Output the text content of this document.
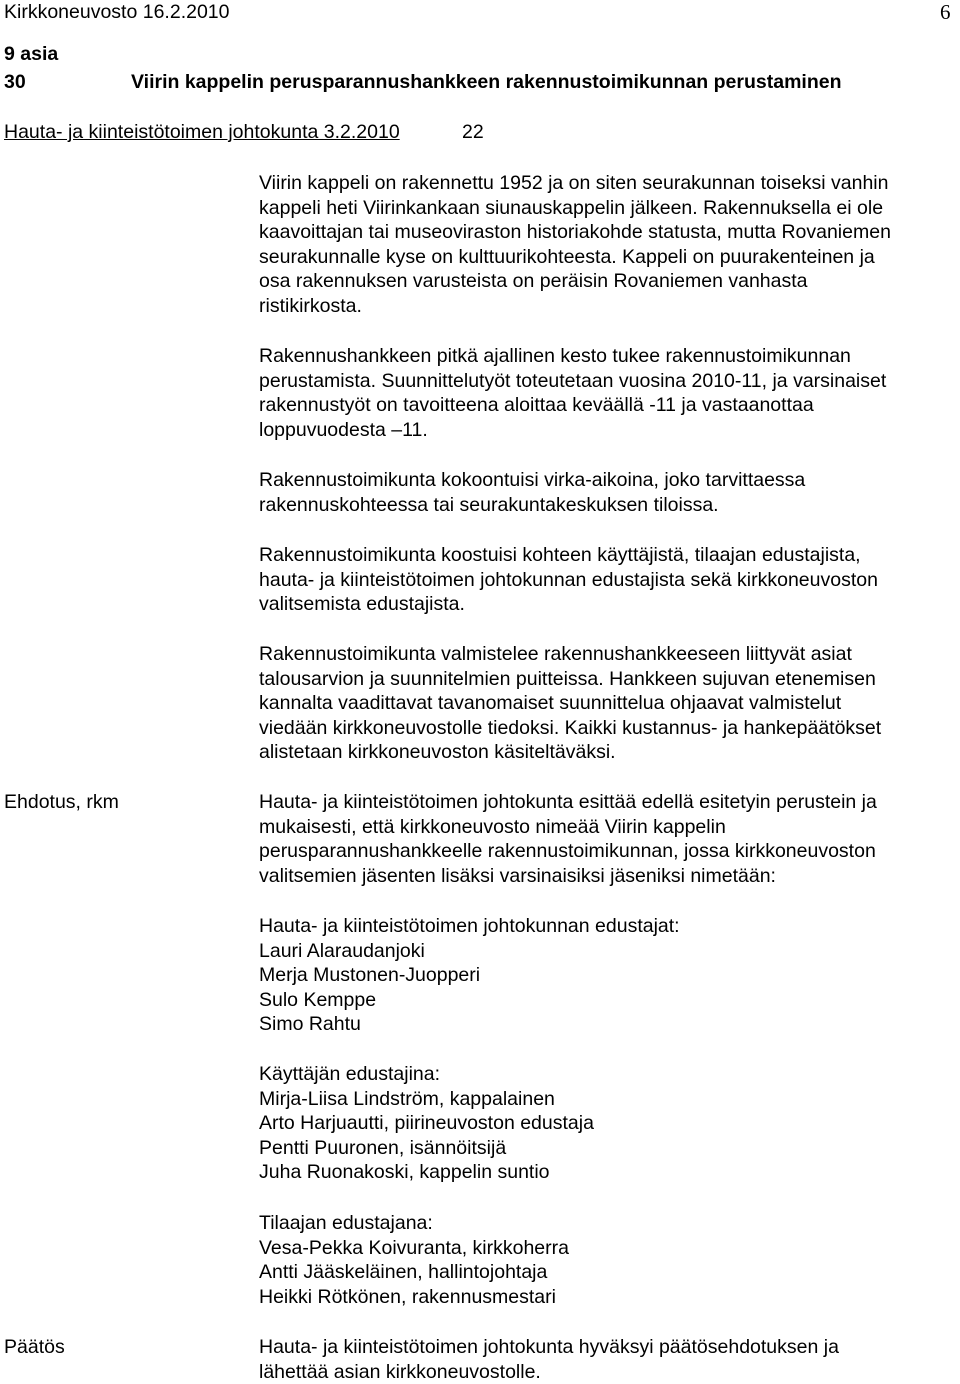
Kirkkoneuvosto 16.2.2010	6
9 asia
30	Viirin kappelin perusparannushankkeen rakennustoimikunnan perustaminen
Hauta- ja kiinteistötoimen johtokunta 3.2.2010	22
Viirin kappeli on rakennettu 1952 ja on siten seurakunnan toiseksi vanhin
kappeli heti Viirinkankaan siunauskappelin jälkeen. Rakennuksella ei ole
kaavoittajan tai museoviraston historiakohde statusta, mutta Rovaniemen
seurakunnalle kyse on kulttuurikohteesta. Kappeli on puurakenteinen ja
osa rakennuksen varusteista on peräisin Rovaniemen vanhasta
ristikirkosta.
Rakennushankkeen pitkä ajallinen kesto tukee rakennustoimikunnan
perustamista. Suunnittelutyöt toteutetaan vuosina 2010-11, ja varsinaiset
rakennustyöt on tavoitteena aloittaa keväällä -11 ja vastaanottaa
loppuvuodesta –11.
Rakennustoimikunta kokoontuisi virka-aikoina, joko tarvittaessa
rakennuskohteessa tai seurakuntakeskuksen tiloissa.
Rakennustoimikunta koostuisi kohteen käyttäjistä, tilaajan edustajista,
hauta- ja kiinteistötoimen johtokunnan edustajista sekä kirkkoneuvoston
valitsemista edustajista.
Rakennustoimikunta valmistelee rakennushankkeeseen liittyvät asiat
talousarvion ja suunnitelmien puitteissa. Hankkeen sujuvan etenemisen
kannalta vaadittavat tavanomaiset suunnittelua ohjaavat valmistelut
viedään kirkkoneuvostolle tiedoksi. Kaikki kustannus- ja hankepäätökset
alistetaan kirkkoneuvoston käsiteltäväksi.
Ehdotus, rkm	Hauta- ja kiinteistötoimen johtokunta esittää edellä esitetyin perustein ja
mukaisesti, että kirkkoneuvosto nimeää Viirin kappelin
perusparannushankkeelle rakennustoimikunnan, jossa kirkkoneuvoston
valitsemien jäsenten lisäksi varsinaisiksi jäseniksi nimetään:
Hauta- ja kiinteistötoimen johtokunnan edustajat:
Lauri Alaraudanjoki
Merja Mustonen-Juopperi
Sulo Kemppe
Simo Rahtu
Käyttäjän edustajina:
Mirja-Liisa Lindström, kappalainen
Arto Harjuautti, piirineuvoston edustaja
Pentti Puuronen, isännöitsijä
Juha Ruonakoski, kappelin suntio
Tilaajan edustajana:
Vesa-Pekka Koivuranta, kirkkoherra
Antti Jääskeläinen, hallintojohtaja
Heikki Rötkönen, rakennusmestari
Päätös	Hauta- ja kiinteistötoimen johtokunta hyväksyi päätösehdotuksen ja
lähettää asian kirkkoneuvostolle.
